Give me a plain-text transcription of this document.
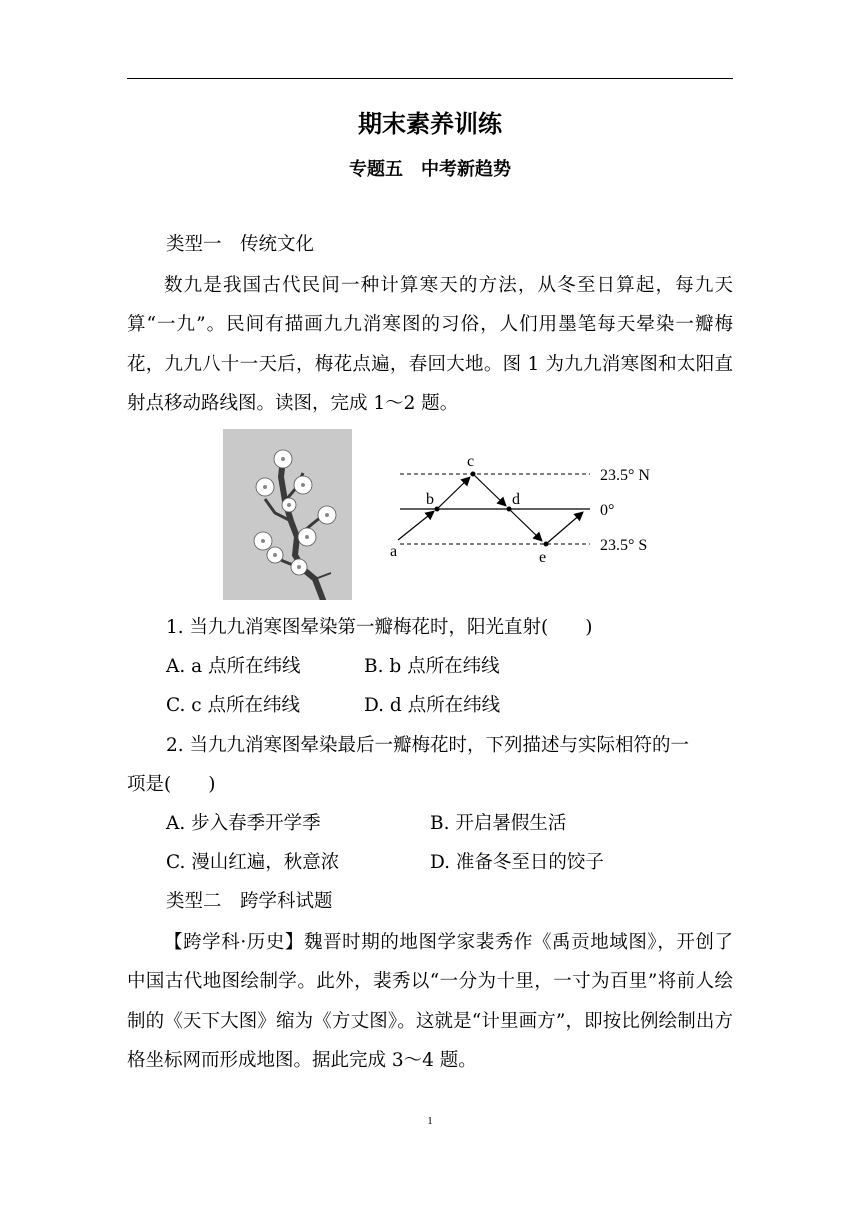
期末素养训练
专题五　中考新趋势
类型一　传统文化
数九是我国古代民间一种计算寒天的方法，从冬至日算起，每九天算“一九”。民间有描画九九消寒图的习俗，人们用墨笔每天晕染一瓣梅花，九九八十一天后，梅花点遍，春回大地。图 1 为九九消寒图和太阳直射点移动路线图。读图，完成 1～2 题。
a
b
c
d
e
23.5° N
0°
23.5° S
1. 当九九消寒图晕染第一瓣梅花时，阳光直射(　　)
A. a 点所在纬线	B. b 点所在纬线
C. c 点所在纬线	D. d 点所在纬线
2. 当九九消寒图晕染最后一瓣梅花时，下列描述与实际相符的一
项是(　　)
A. 步入春季开学季	B. 开启暑假生活
C. 漫山红遍，秋意浓	D. 准备冬至日的饺子
类型二　跨学科试题
【跨学科·历史】魏晋时期的地图学家裴秀作《禹贡地域图》，开创了中国古代地图绘制学。此外，裴秀以“一分为十里，一寸为百里”将前人绘制的《天下大图》缩为《方丈图》。这就是“计里画方”，即按比例绘制出方格坐标网而形成地图。据此完成 3～4 题。
1
